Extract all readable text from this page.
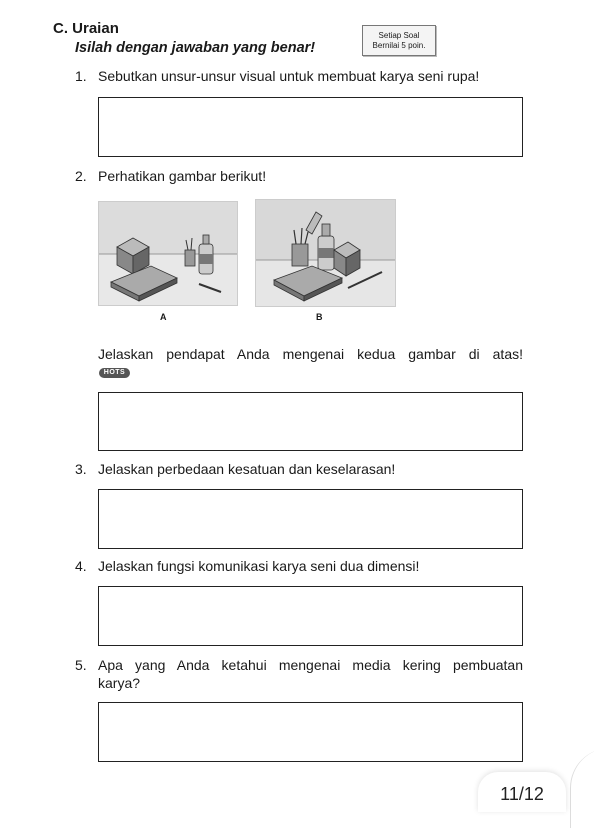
C. Uraian
Isilah dengan jawaban yang benar!
Setiap Soal
Bernilai 5 poin.
1. Sebutkan unsur-unsur visual untuk membuat karya seni rupa!
2. Perhatikan gambar berikut!
A	B
Jelaskan pendapat Anda mengenai kedua gambar di atas!
HOTS
3. Jelaskan perbedaan kesatuan dan keselarasan!
4. Jelaskan fungsi komunikasi karya seni dua dimensi!
5. Apa yang Anda ketahui mengenai media kering pembuatan
karya?
11/12
